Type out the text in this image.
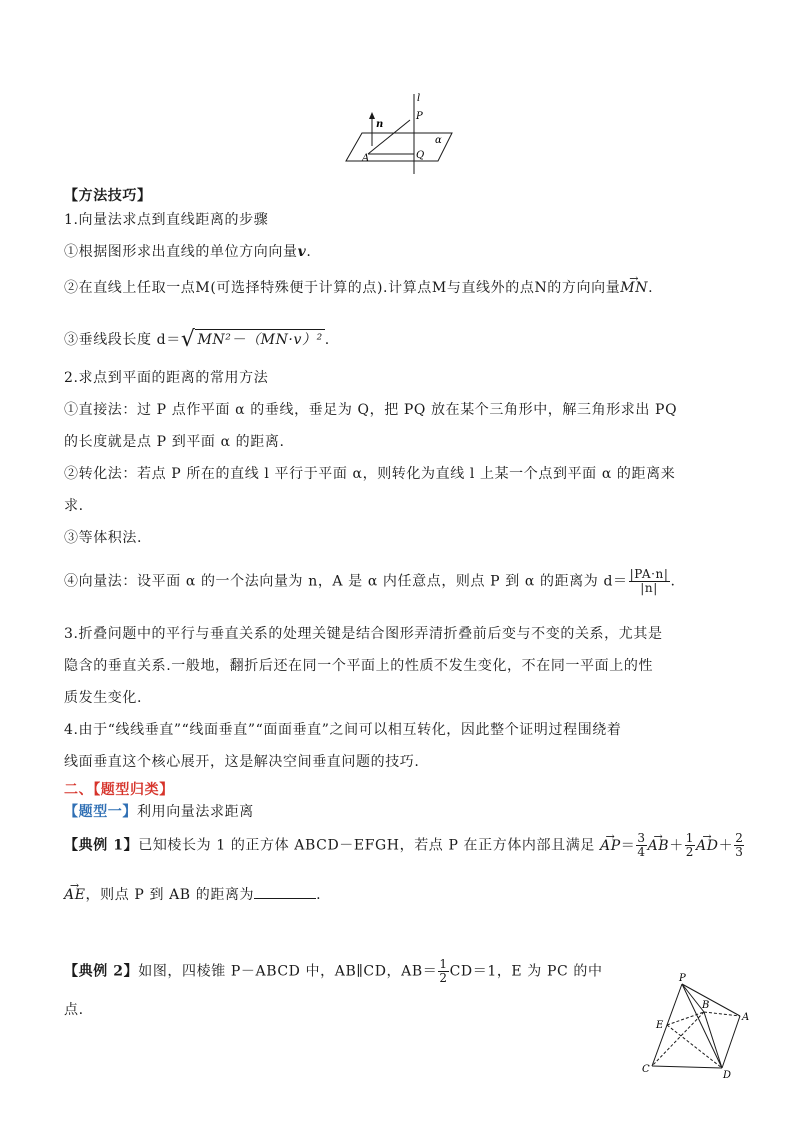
l
n
P
α
A	Q
【方法技巧】
1.向量法求点到直线距离的步骤
①根据图形求出直线的单位方向向量v.
②在直线上任取一点M(可选择特殊便于计算的点).计算点M与直线外的点N的方向向量→ MN.
③垂线段长度 d＝√ MN²－（MN·v）² .
2.求点到平面的距离的常用方法
①直接法：过 P 点作平面 α 的垂线，垂足为 Q，把 PQ 放在某个三角形中，解三角形求出 PQ
的长度就是点 P 到平面 α 的距离.
②转化法：若点 P 所在的直线 l 平行于平面 α，则转化为直线 l 上某一个点到平面 α 的距离来
求.
③等体积法.
④向量法：设平面 α 的一个法向量为 n，A 是 α 内任意点，则点 P 到 α 的距离为 $d= \frac{|PA\cdot n|}{|n|}$ .
3.折叠问题中的平行与垂直关系的处理关键是结合图形弄清折叠前后变与不变的关系，尤其是
隐含的垂直关系.一般地，翻折后还在同一个平面上的性质不发生变化，不在同一平面上的性
质发生变化.
4.由于“线线垂直”“线面垂直”“面面垂直”之间可以相互转化，因此整个证明过程围绕着
线面垂直这个核心展开，这是解决空间垂直问题的技巧.
二、【题型归类】
【题型一】利用向量法求距离
【典例 1】已知棱长为 1 的正方体 ABCD－EFGH，若点 P 在正方体内部且满足 → $AP= \frac{3}{4}$
→ $AB+ \frac{1}{2}$
→ $AD+ \frac{2}{3}$
→ AE，则点 P 到 AB 的距离为	.
【典例 2】如图，四棱锥 P－ABCD 中，AB∥CD，$AB= \frac{1}{2} CD=1$，E 为 PC 的中
点.
P
B
A
E
C
D
